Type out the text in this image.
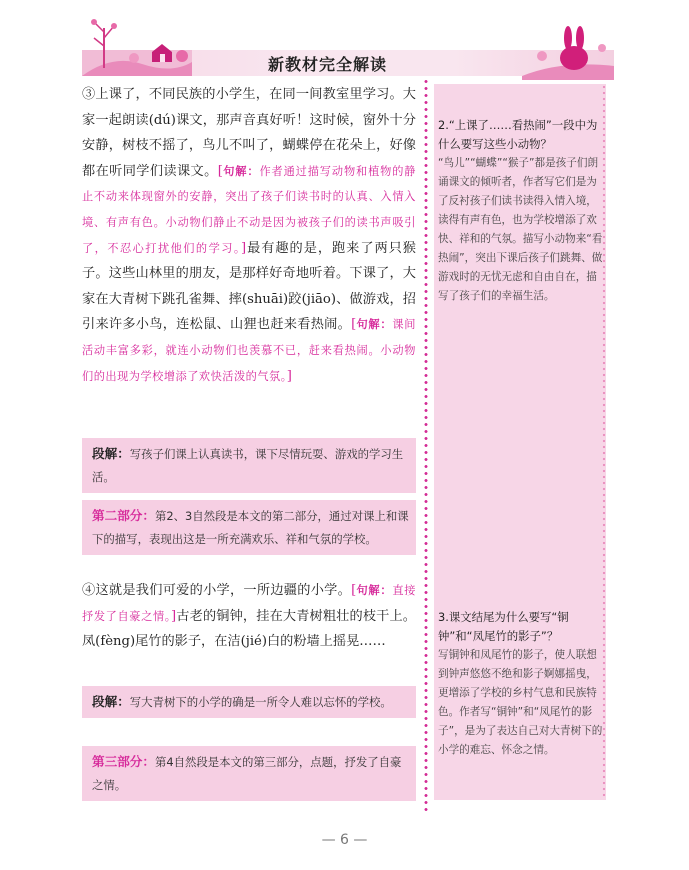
新教材完全解读

③上课了，不同民族的小学生，在同一间教室里学习。大家一起朗读(dú)课文，那声音真好听！这时候，窗外十分安静，树枝不摇了，鸟儿不叫了，蝴蝶停在花朵上，好像都在听同学们读课文。[句解：作者通过描写动物和植物的静止不动来体现窗外的安静，突出了孩子们读书时的认真、入情入境、有声有色。小动物们静止不动是因为被孩子们的读书声吸引了，不忍心打扰他们的学习。]最有趣的是，跑来了两只猴子。这些山林里的朋友，是那样好奇地听着。下课了，大家在大青树下跳孔雀舞、摔(shuāi)跤(jiāo)、做游戏，招引来许多小鸟，连松鼠、山狸也赶来看热闹。[句解：课间活动丰富多彩，就连小动物们也羡慕不已，赶来看热闹。小动物们的出现为学校增添了欢快活泼的气氛。]

段解：写孩子们课上认真读书，课下尽情玩耍、游戏的学习生活。

第二部分：第2、3自然段是本文的第二部分，通过对课上和课下的描写，表现出这是一所充满欢乐、祥和气氛的学校。

④这就是我们可爱的小学，一所边疆的小学。[句解：直接抒发了自豪之情。]古老的铜钟，挂在大青树粗壮的枝干上。凤(fèng)尾竹的影子，在洁(jié)白的粉墙上摇晃……

段解：写大青树下的小学的确是一所令人难以忘怀的学校。

第三部分：第4自然段是本文的第三部分，点题，抒发了自豪之情。

2.“上课了……看热闹”一段中为什么要写这些小动物？
“鸟儿”“蝴蝶”“猴子”都是孩子们朗诵课文的倾听者，作者写它们是为了反衬孩子们读书读得入情入境，读得有声有色，也为学校增添了欢快、祥和的气氛。描写小动物来“看热闹”，突出下课后孩子们跳舞、做游戏时的无忧无虑和自由自在，描写了孩子们的幸福生活。
3.课文结尾为什么要写“铜钟”和“凤尾竹的影子”？
写铜钟和凤尾竹的影子，使人联想到钟声悠悠不绝和影子婀娜摇曳，更增添了学校的乡村气息和民族特色。作者写“铜钟”和“凤尾竹的影子”，是为了表达自己对大青树下的小学的难忘、怀念之情。
— 6 —
